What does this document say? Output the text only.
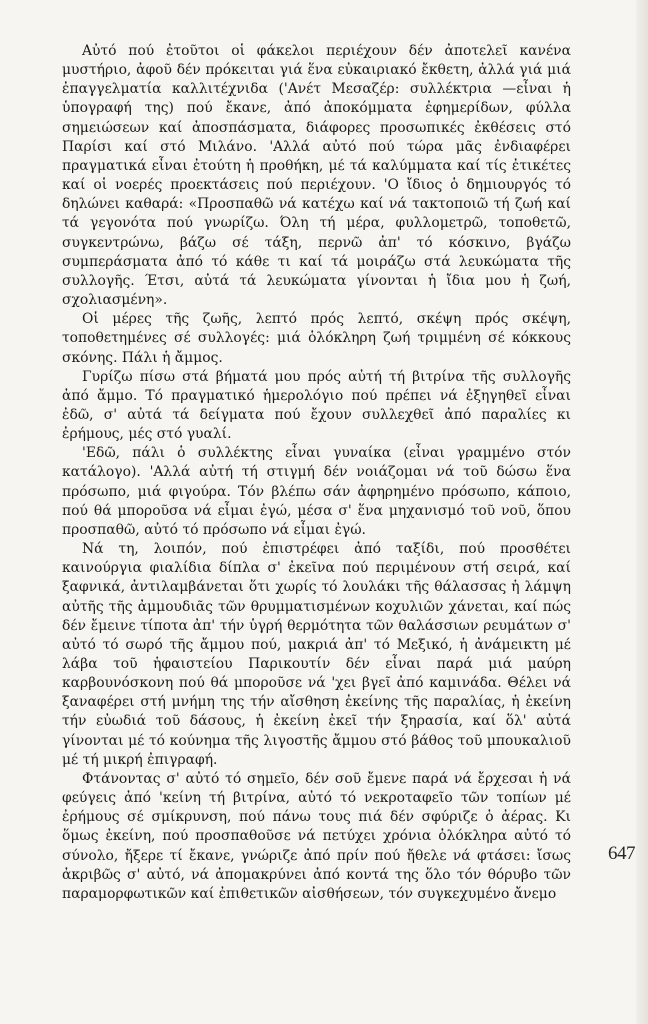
Αὐτό πού ἐτοῦτοι οἱ φάκελοι περιέχουν δέν ἀποτελεῖ κανένα μυστήριο, ἀφοῦ δέν πρόκειται γιά ἕνα εὐκαιριακό ἔκθετη, ἀλλά γιά μιά ἐπαγγελματία καλλιτέχνιδα ('Ανέτ Μεσαζέρ: συλλέκτρια —εἶναι ἡ ὑπογραφή της) πού ἔκανε, ἀπό ἀποκόμματα ἐφημερίδων, φύλλα σημειώσεων καί ἀποσπάσματα, διάφορες προσωπικές ἐκθέσεις στό Παρίσι καί στό Μιλάνο. 'Αλλά αὐτό πού τώρα μᾶς ἐνδιαφέρει πραγματικά εἶναι ἐτούτη ἡ προθήκη, μέ τά καλύμματα καί τίς ἐτικέτες καί οἱ νοερές προεκτάσεις πού περιέχουν. 'Ο ἴδιος ὁ δημιουργός τό δηλώνει καθαρά: «Προσπαθῶ νά κατέχω καί νά τακτοποιῶ τή ζωή καί τά γεγονότα πού γνωρίζω. Όλη τή μέρα, φυλλομετρῶ, τοποθετῶ, συγκεντρώνω, βάζω σέ τάξη, περνῶ ἀπ' τό κόσκινο, βγάζω συμπεράσματα ἀπό τό κάθε τι καί τά μοιράζω στά λευκώματα τῆς συλλογῆς. Έτσι, αὐτά τά λευκώματα γίνονται ἡ ἴδια μου ἡ ζωή, σχολιασμένη».

Οἱ μέρες τῆς ζωῆς, λεπτό πρός λεπτό, σκέψη πρός σκέψη, τοποθετημένες σέ συλλογές: μιά ὁλόκληρη ζωή τριμμένη σέ κόκκους σκόνης. Πάλι ἡ ἄμμος.

Γυρίζω πίσω στά βήματά μου πρός αὐτή τή βιτρίνα τῆς συλλογῆς ἀπό ἄμμο. Τό πραγματικό ἡμερολόγιο πού πρέπει νά ἐξηγηθεῖ εἶναι ἐδῶ, σ' αὐτά τά δείγματα πού ἔχουν συλλεχθεῖ ἀπό παραλίες κι ἐρήμους, μές στό γυαλί.

'Εδῶ, πάλι ὁ συλλέκτης εἶναι γυναίκα (εἶναι γραμμένο στόν κατάλογο). 'Αλλά αὐτή τή στιγμή δέν νοιάζομαι νά τοῦ δώσω ἕνα πρόσωπο, μιά φιγούρα. Τόν βλέπω σάν ἀφηρημένο πρόσωπο, κάποιο, πού θά μποροῦσα νά εἶμαι ἐγώ, μέσα σ' ἕνα μηχανισμό τοῦ νοῦ, ὅπου προσπαθῶ, αὐτό τό πρόσωπο νά εἶμαι ἐγώ.

Νά τη, λοιπόν, πού ἐπιστρέφει ἀπό ταξίδι, πού προσθέτει καινούργια φιαλίδια δίπλα σ' ἐκεῖνα πού περιμένουν στή σειρά, καί ξαφνικά, ἀντιλαμβάνεται ὅτι χωρίς τό λουλάκι τῆς θάλασσας ἡ λάμψη αὐτῆς τῆς ἀμμουδιᾶς τῶν θρυμματισμένων κοχυλιῶν χάνεται, καί πώς δέν ἔμεινε τίποτα ἀπ' τήν ὑγρή θερμότητα τῶν θαλάσσιων ρευμάτων σ' αὐτό τό σωρό τῆς ἄμμου πού, μακριά ἀπ' τό Μεξικό, ἡ ἀνάμεικτη μέ λάβα τοῦ ἡφαιστείου Παρικουτίν δέν εἶναι παρά μιά μαύρη καρβουνόσκονη πού θά μποροῦσε νά 'χει βγεῖ ἀπό καμινάδα. Θέλει νά ξαναφέρει στή μνήμη της τήν αἴσθηση ἐκείνης τῆς παραλίας, ἡ ἐκείνη τήν εὐωδιά τοῦ δάσους, ἡ ἐκείνη ἐκεῖ τήν ξηρασία, καί ὅλ' αὐτά γίνονται μέ τό κούνημα τῆς λιγοστῆς ἄμμου στό βάθος τοῦ μπουκαλιοῦ μέ τή μικρή ἐπιγραφή.

Φτάνοντας σ' αὐτό τό σημεῖο, δέν σοῦ ἔμενε παρά νά ἔρχεσαι ἡ νά φεύγεις ἀπό 'κείνη τή βιτρίνα, αὐτό τό νεκροταφεῖο τῶν τοπίων μέ ἐρήμους σέ σμίκρυνση, πού πάνω τους πιά δέν σφύριζε ὁ ἀέρας. Κι ὅμως ἐκείνη, πού προσπαθοῦσε νά πετύχει χρόνια ὁλόκληρα αὐτό τό σύνολο, ἤξερε τί ἔκανε, γνώριζε ἀπό πρίν πού ἤθελε νά φτάσει: ἴσως ἀκριβῶς σ' αὐτό, νά ἀπομακρύνει ἀπό κοντά της ὅλο τόν θόρυβο τῶν παραμορφωτικῶν καί ἐπιθετικῶν αἰσθήσεων, τόν συγκεχυμένο ἄνεμο

647
